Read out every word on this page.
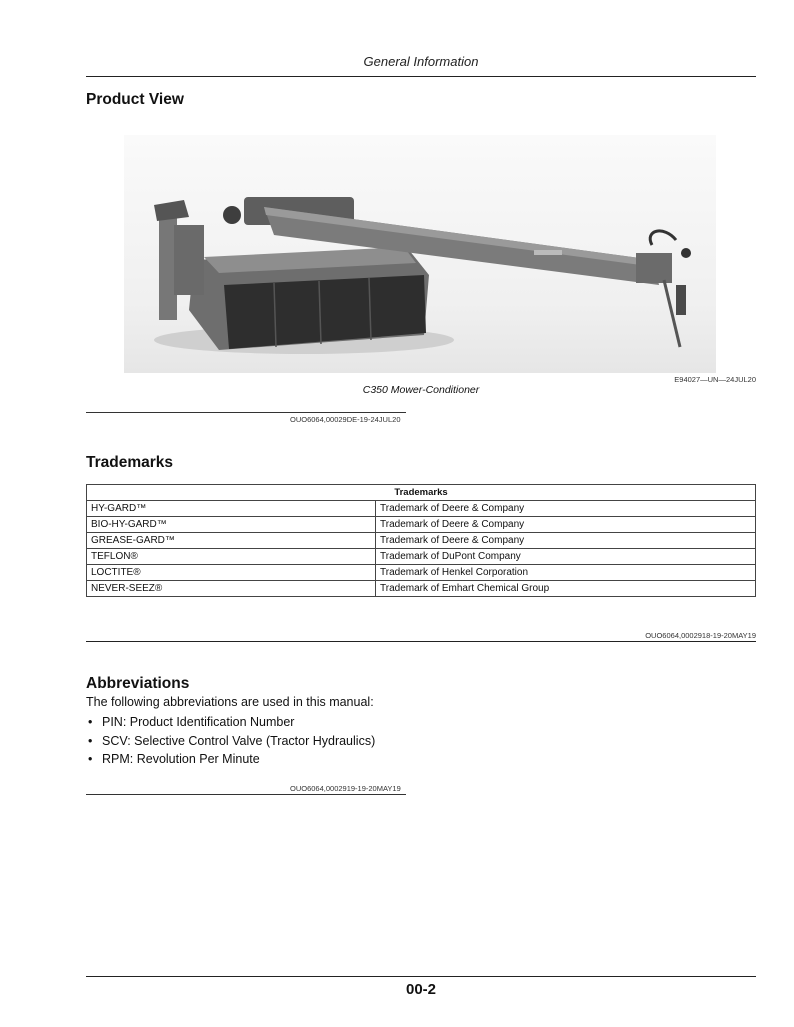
General Information
Product View
E94027—UN—24JUL20
C350 Mower-Conditioner
OUO6064,00029DE-19-24JUL20
Trademarks
Trademarks	
HY-GARD™	Trademark of Deere & Company
BIO-HY-GARD™	Trademark of Deere & Company
GREASE-GARD™	Trademark of Deere & Company
TEFLON®	Trademark of DuPont Company
LOCTITE®	Trademark of Henkel Corporation
NEVER-SEEZ®	Trademark of Emhart Chemical Group
OUO6064,0002918-19-20MAY19
Abbreviations
The following abbreviations are used in this manual:
• PIN: Product Identification Number
• SCV: Selective Control Valve (Tractor Hydraulics)
• RPM: Revolution Per Minute
OUO6064,0002919-19-20MAY19
00-2
